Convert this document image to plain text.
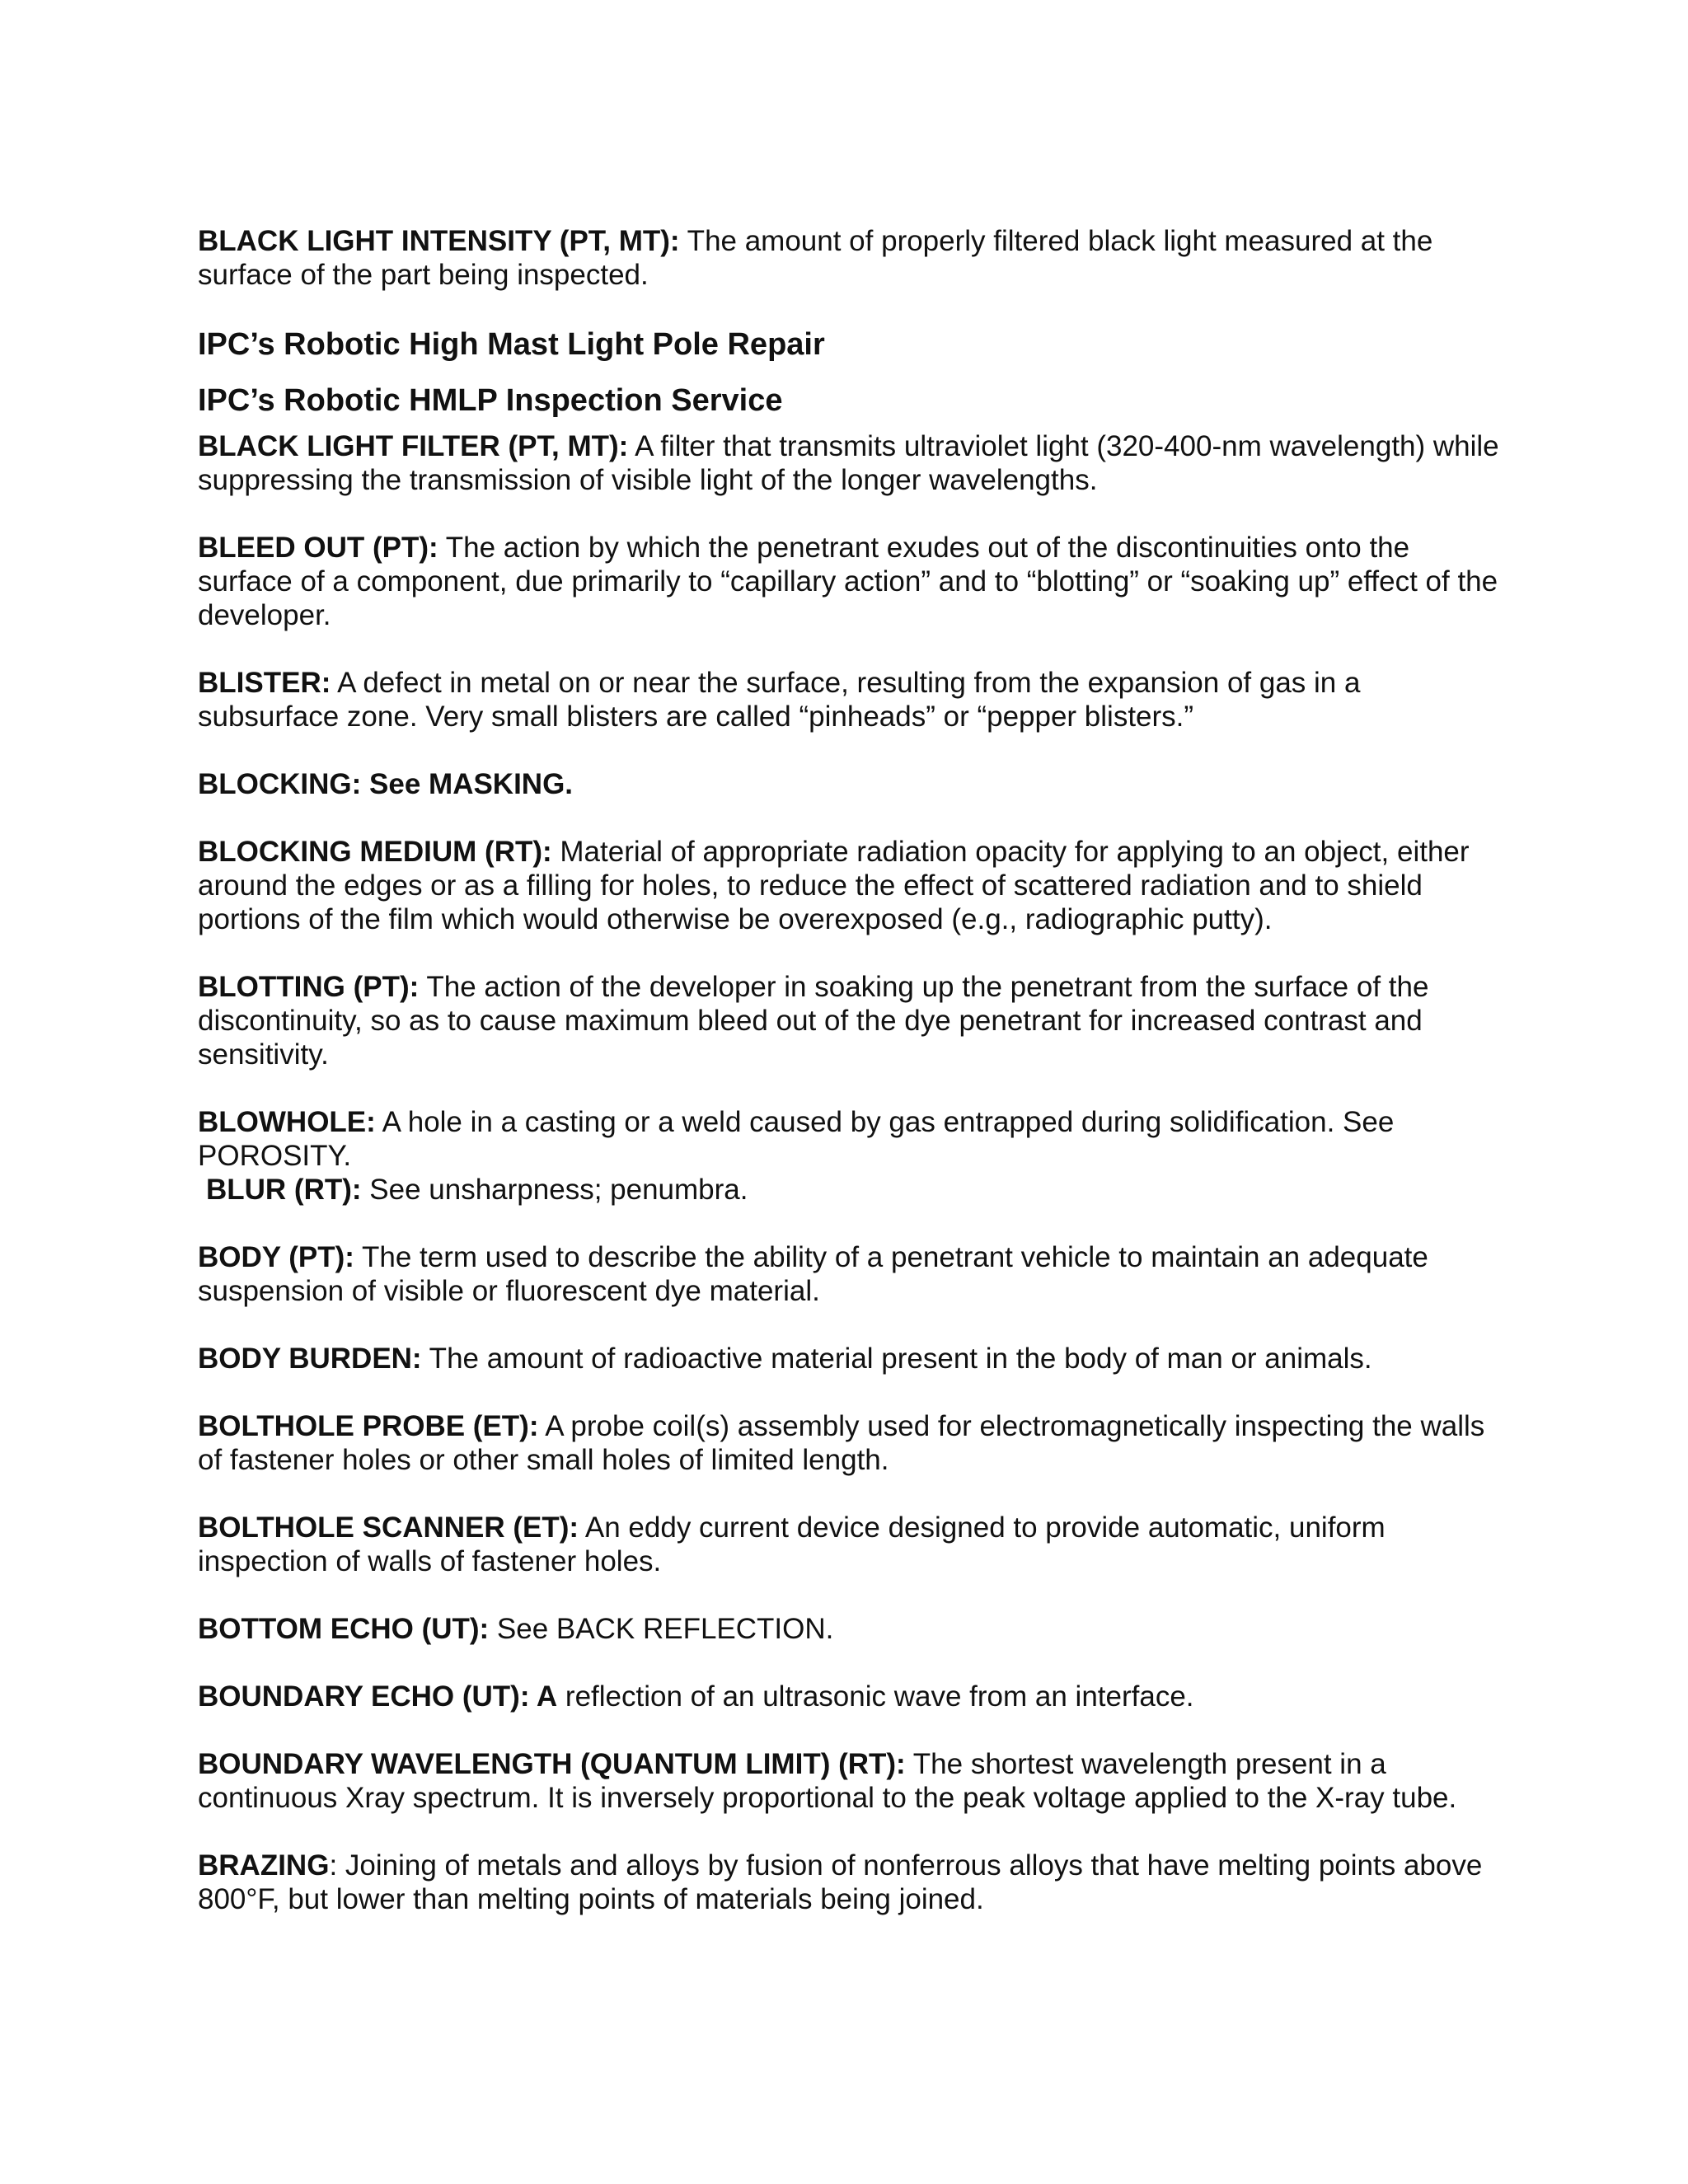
BLACK LIGHT INTENSITY (PT, MT): The amount of properly filtered black light measured at the surface of the part being inspected.

IPC’s Robotic High Mast Light Pole Repair
IPC’s Robotic HMLP Inspection Service

BLACK LIGHT FILTER (PT, MT): A filter that transmits ultraviolet light (320-400-nm wavelength) while suppressing the transmission of visible light of the longer wavelengths.

BLEED OUT (PT): The action by which the penetrant exudes out of the discontinuities onto the surface of a component, due primarily to “capillary action” and to “blotting” or “soaking up” effect of the developer.

BLISTER: A defect in metal on or near the surface, resulting from the expansion of gas in a subsurface zone. Very small blisters are called “pinheads” or “pepper blisters.”

BLOCKING: See MASKING.

BLOCKING MEDIUM (RT): Material of appropriate radiation opacity for applying to an object, either around the edges or as a filling for holes, to reduce the effect of scattered radiation and to shield portions of the film which would otherwise be overexposed (e.g., radiographic putty).

BLOTTING (PT): The action of the developer in soaking up the penetrant from the surface of the discontinuity, so as to cause maximum bleed out of the dye penetrant for increased contrast and sensitivity.

BLOWHOLE: A hole in a casting or a weld caused by gas entrapped during solidification. See POROSITY.

BLUR (RT): See unsharpness; penumbra.

BODY (PT): The term used to describe the ability of a penetrant vehicle to maintain an adequate suspension of visible or fluorescent dye material.

BODY BURDEN: The amount of radioactive material present in the body of man or animals.

BOLTHOLE PROBE (ET): A probe coil(s) assembly used for electromagnetically inspecting the walls of fastener holes or other small holes of limited length.

BOLTHOLE SCANNER (ET): An eddy current device designed to provide automatic, uniform inspection of walls of fastener holes.

BOTTOM ECHO (UT): See BACK REFLECTION.

BOUNDARY ECHO (UT): A reflection of an ultrasonic wave from an interface.

BOUNDARY WAVELENGTH (QUANTUM LIMIT) (RT): The shortest wavelength present in a continuous Xray spectrum. It is inversely proportional to the peak voltage applied to the X-ray tube.

BRAZING: Joining of metals and alloys by fusion of nonferrous alloys that have melting points above 800°F, but lower than melting points of materials being joined.
